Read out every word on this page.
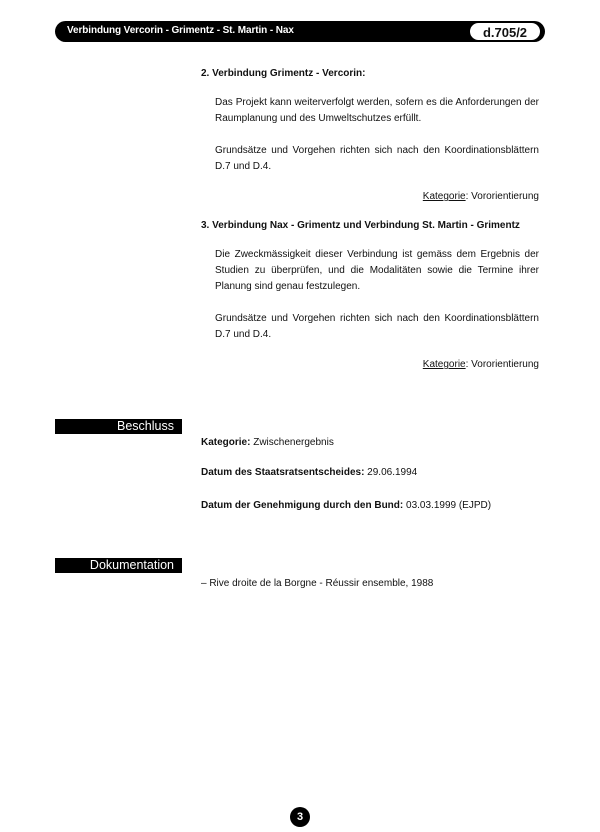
Verbindung Vercorin - Grimentz - St. Martin - Nax	d.705/2

2. Verbindung Grimentz - Vercorin:

Das Projekt kann weiterverfolgt werden, sofern es die Anforderungen der Raumplanung und des Umweltschutzes erfüllt.

Grundsätze und Vorgehen richten sich nach den Koordinationsblättern D.7 und D.4.

Kategorie: Vororientierung

3. Verbindung Nax - Grimentz und Verbindung St. Martin - Grimentz

Die Zweckmässigkeit dieser Verbindung ist gemäss dem Ergebnis der Studien zu überprüfen, und die Modalitäten sowie die Termine ihrer Planung sind genau festzulegen.

Grundsätze und Vorgehen richten sich nach den Koordinationsblättern D.7 und D.4.

Kategorie: Vororientierung

Beschluss
Kategorie: Zwischenergebnis
Datum des Staatsratsentscheides: 29.06.1994
Datum der Genehmigung durch den Bund: 03.03.1999 (EJPD)
Dokumentation
– Rive droite de la Borgne - Réussir ensemble, 1988
3
